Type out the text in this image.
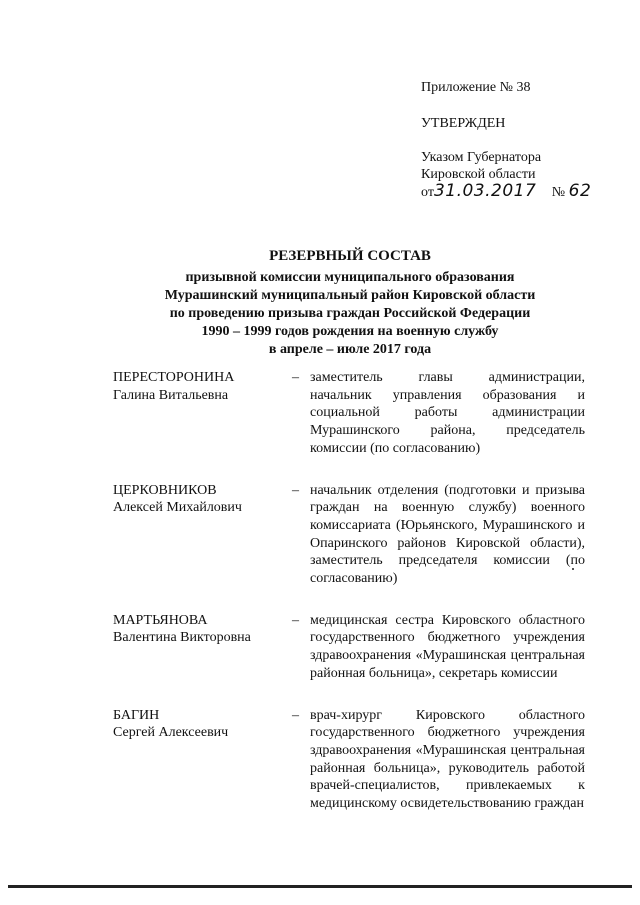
Приложение № 38
УТВЕРЖДЕН
Указом Губернатора
Кировской области
от31.03.2017 № 62
РЕЗЕРВНЫЙ СОСТАВ
призывной комиссии муниципального образования
Мурашинский муниципальный район Кировской области
по проведению призыва граждан Российской Федерации
1990 – 1999 годов рождения на военную службу
в апреле – июле 2017 года
ПЕРЕСТОРОНИНА
Галина Витальевна
– заместитель главы администрации, начальник управления образования и социальной работы администрации Мурашинского района, председатель комиссии (по согласованию)
ЦЕРКОВНИКОВ
Алексей Михайлович
– начальник отделения (подготовки и призыва граждан на военную службу) военного комиссариата (Юрьянского, Мурашинского и Опаринского районов Кировской области), заместитель председателя комиссии (по согласованию)
МАРТЬЯНОВА
Валентина Викторовна
– медицинская сестра Кировского областного государственного бюджетного учреждения здравоохранения «Мурашинская центральная районная больница», секретарь комиссии
БАГИН
Сергей Алексеевич
– врач-хирург Кировского областного государственного бюджетного учреждения здравоохранения «Мурашинская центральная районная больница», руководитель работой врачей-специалистов, привлекаемых к медицинскому освидетельствованию граждан
